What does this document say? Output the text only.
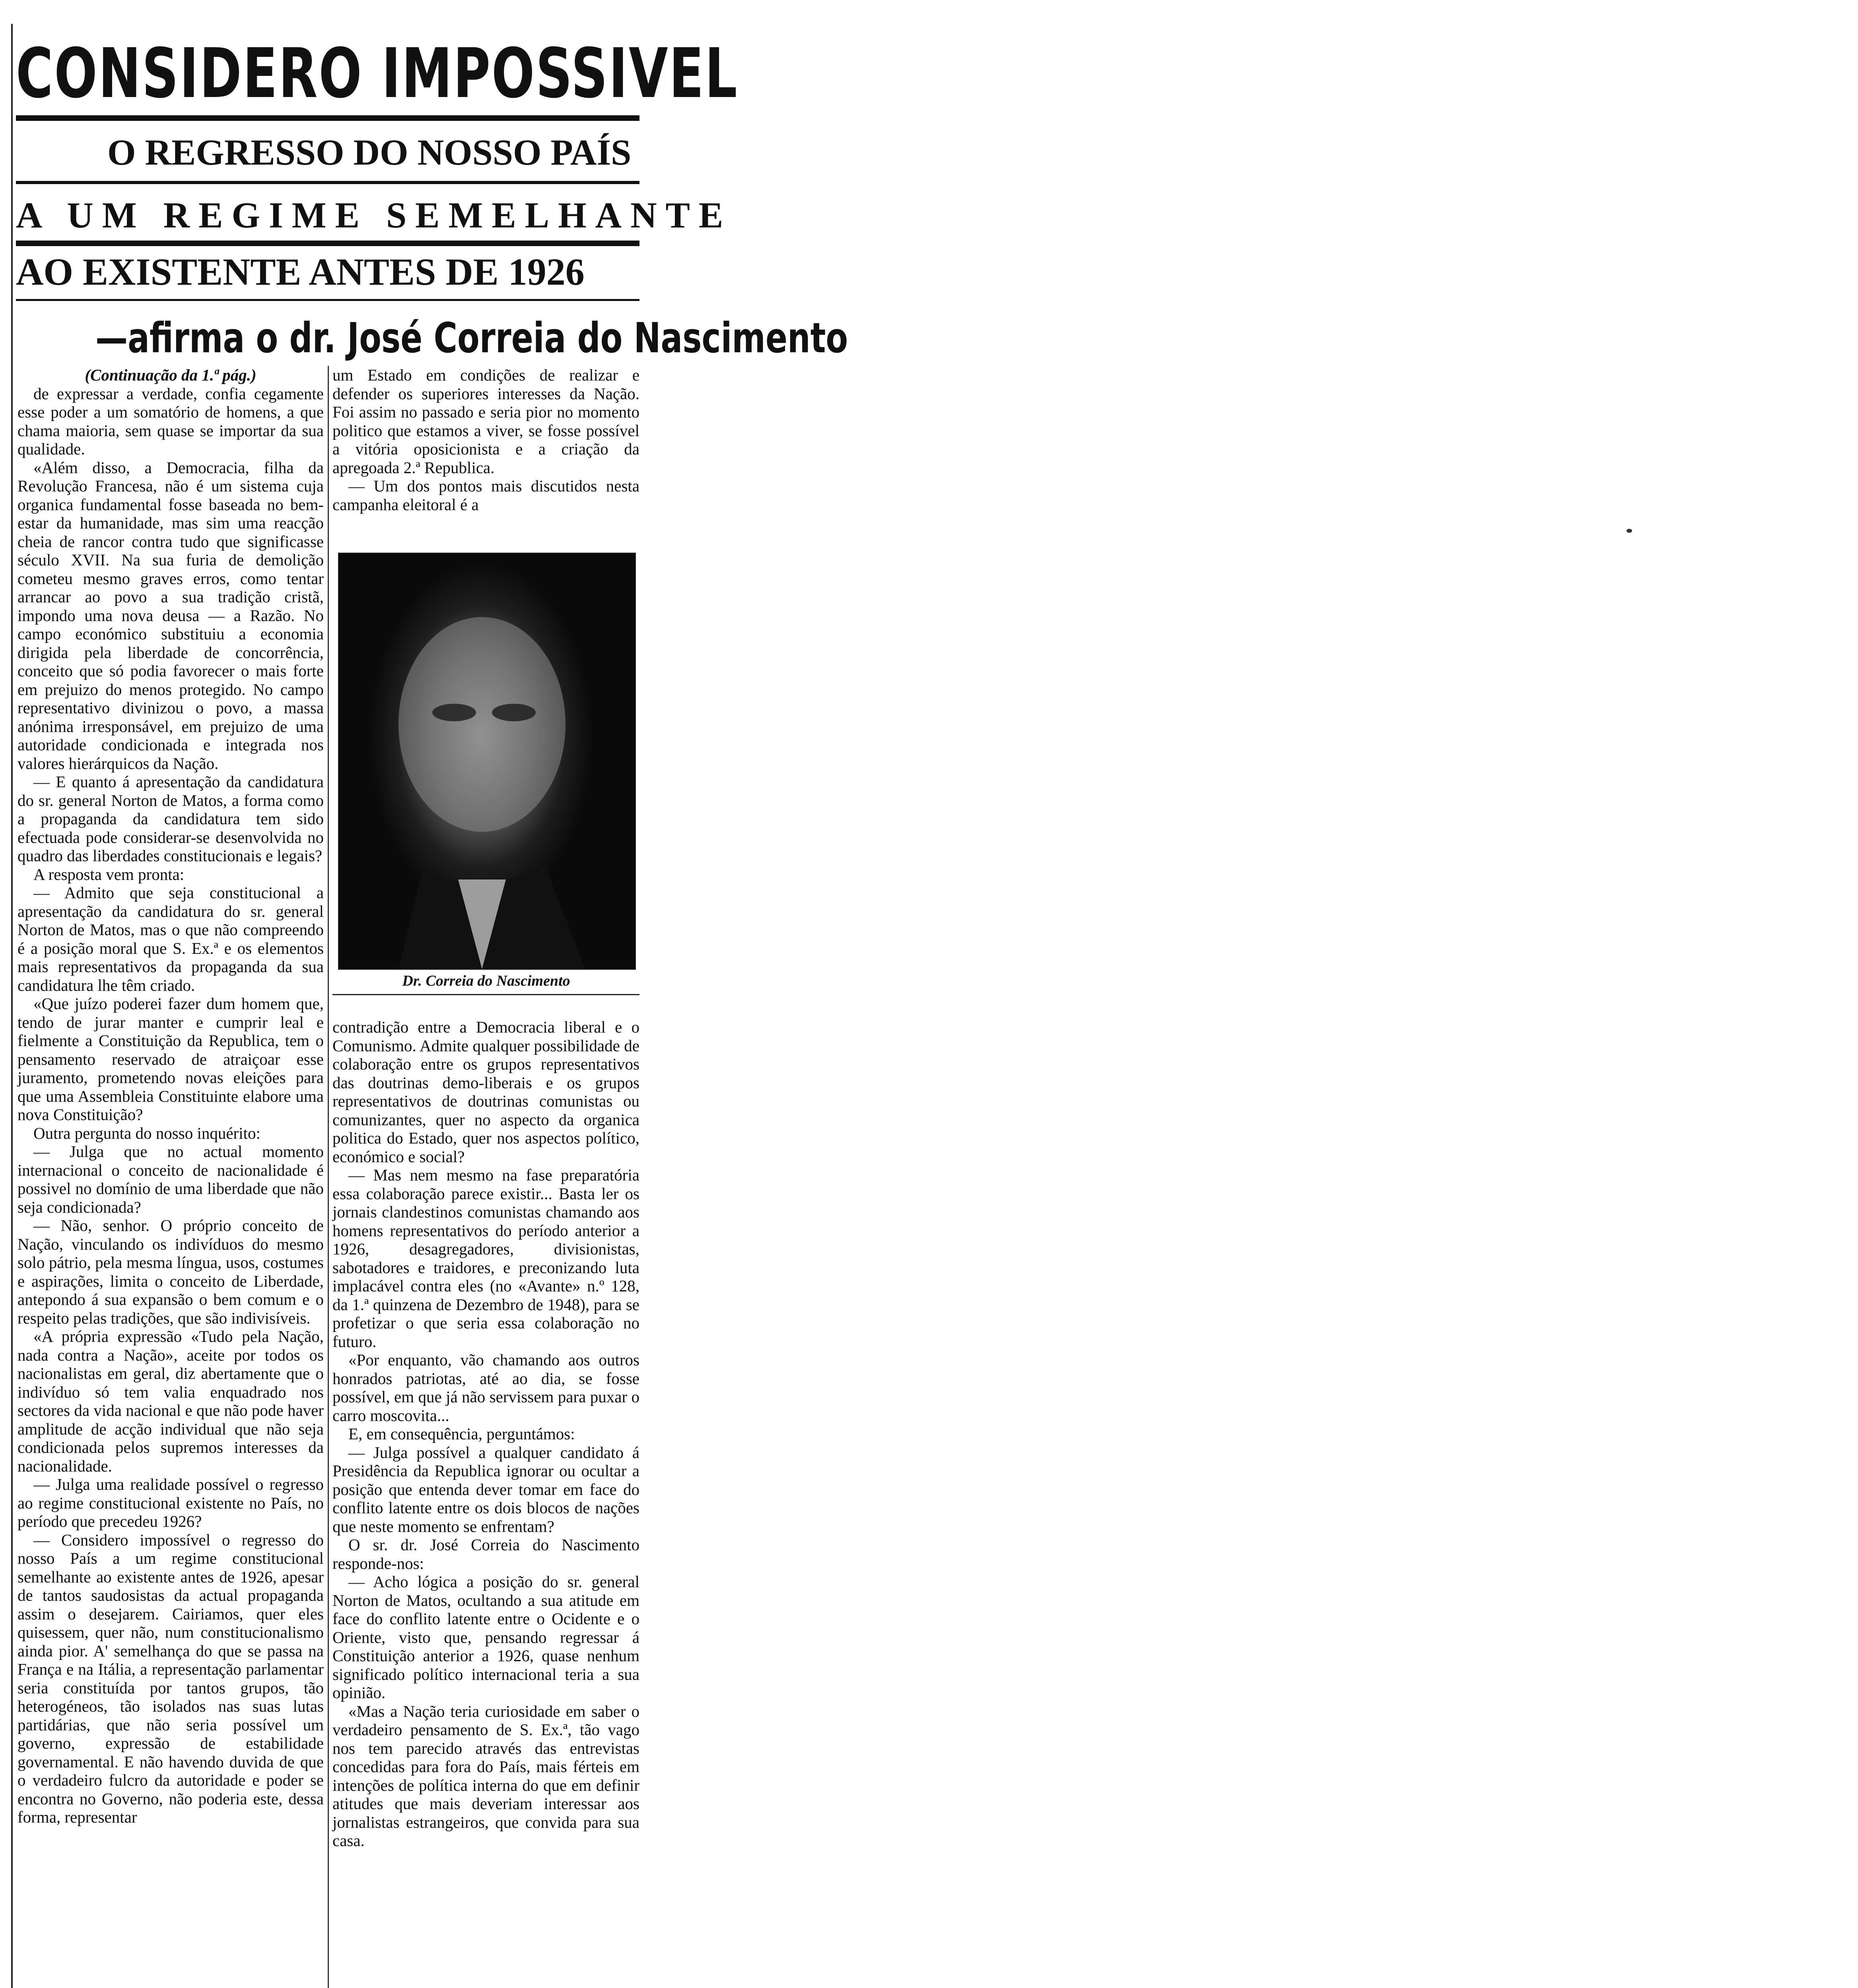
CONSIDERO IMPOSSIVEL
O REGRESSO DO NOSSO PAÍS
A UM REGIME SEMELHANTE
AO EXISTENTE ANTES DE 1926
—afirma o dr. José Correia do Nascimento

(Continuação da 1.ª pág.)

de expressar a verdade, confia cegamente esse poder a um somatório de homens, a que chama maioria, sem quase se importar da sua qualidade.

«Além disso, a Democracia, filha da Revolução Francesa, não é um sistema cuja organica fundamental fosse baseada no bem-estar da humanidade, mas sim uma reacção cheia de rancor contra tudo que significasse século XVII. Na sua furia de demolição cometeu mesmo graves erros, como tentar arrancar ao povo a sua tradição cristã, impondo uma nova deusa — a Razão. No campo económico substituiu a economia dirigida pela liberdade de concorrência, conceito que só podia favorecer o mais forte em prejuizo do menos protegido. No campo representativo divinizou o povo, a massa anónima irresponsável, em prejuizo de uma autoridade condicionada e integrada nos valores hierárquicos da Nação.

— E quanto á apresentação da candidatura do sr. general Norton de Matos, a forma como a propaganda da candidatura tem sido efectuada pode considerar-se desenvolvida no quadro das liberdades constitucionais e legais?

A resposta vem pronta:

— Admito que seja constitucional a apresentação da candidatura do sr. general Norton de Matos, mas o que não compreendo é a posição moral que S. Ex.ª e os elementos mais representativos da propaganda da sua candidatura lhe têm criado.

«Que juízo poderei fazer dum homem que, tendo de jurar manter e cumprir leal e fielmente a Constituição da Republica, tem o pensamento reservado de atraiçoar esse juramento, prometendo novas eleições para que uma Assembleia Constituinte elabore uma nova Constituição?

Outra pergunta do nosso inquérito:

— Julga que no actual momento internacional o conceito de nacionalidade é possivel no domínio de uma liberdade que não seja condicionada?

— Não, senhor. O próprio conceito de Nação, vinculando os indivíduos do mesmo solo pátrio, pela mesma língua, usos, costumes e aspirações, limita o conceito de Liberdade, antepondo á sua expansão o bem comum e o respeito pelas tradições, que são indivisíveis.

«A própria expressão «Tudo pela Nação, nada contra a Nação», aceite por todos os nacionalistas em geral, diz abertamente que o indivíduo só tem valia enquadrado nos sectores da vida nacional e que não pode haver amplitude de acção individual que não seja condicionada pelos supremos interesses da nacionalidade.

— Julga uma realidade possível o regresso ao regime constitucional existente no País, no período que precedeu 1926?

— Considero impossível o regresso do nosso País a um regime constitucional semelhante ao existente antes de 1926, apesar de tantos saudosistas da actual propaganda assim o desejarem. Cairiamos, quer eles quisessem, quer não, num constitucionalismo ainda pior. A' semelhança do que se passa na França e na Itália, a representação parlamentar seria constituída por tantos grupos, tão heterogéneos, tão isolados nas suas lutas partidárias, que não seria possível um governo, expressão de estabilidade governamental. E não havendo duvida de que o verdadeiro fulcro da autoridade e poder se encontra no Governo, não poderia este, dessa forma, representar

um Estado em condições de realizar e defender os superiores interesses da Nação. Foi assim no passado e seria pior no momento politico que estamos a viver, se fosse possível a vitória oposicionista e a criação da apregoada 2.ª Republica.

— Um dos pontos mais discutidos nesta campanha eleitoral é a

Dr. Correia do Nascimento

contradição entre a Democracia liberal e o Comunismo. Admite qualquer possibilidade de colaboração entre os grupos representativos das doutrinas demo-liberais e os grupos representativos de doutrinas comunistas ou comunizantes, quer no aspecto da organica politica do Estado, quer nos aspectos político, económico e social?

— Mas nem mesmo na fase preparatória essa colaboração parece existir... Basta ler os jornais clandestinos comunistas chamando aos homens representativos do período anterior a 1926, desagregadores, divisionistas, sabotadores e traidores, e preconizando luta implacável contra eles (no «Avante» n.º 128, da 1.ª quinzena de Dezembro de 1948), para se profetizar o que seria essa colaboração no futuro.

«Por enquanto, vão chamando aos outros honrados patriotas, até ao dia, se fosse possível, em que já não servissem para puxar o carro moscovita...

E, em consequência, perguntámos:

— Julga possível a qualquer candidato á Presidência da Republica ignorar ou ocultar a posição que entenda dever tomar em face do conflito latente entre os dois blocos de nações que neste momento se enfrentam?

O sr. dr. José Correia do Nascimento responde-nos:

— Acho lógica a posição do sr. general Norton de Matos, ocultando a sua atitude em face do conflito latente entre o Ocidente e o Oriente, visto que, pensando regressar á Constituição anterior a 1926, quase nenhum significado político internacional teria a sua opinião.

«Mas a Nação teria curiosidade em saber o verdadeiro pensamento de S. Ex.ª, tão vago nos tem parecido através das entrevistas concedidas para fora do País, mais férteis em intenções de política interna do que em definir atitudes que mais deveriam interessar aos jornalistas estrangeiros, que convida para sua casa.
